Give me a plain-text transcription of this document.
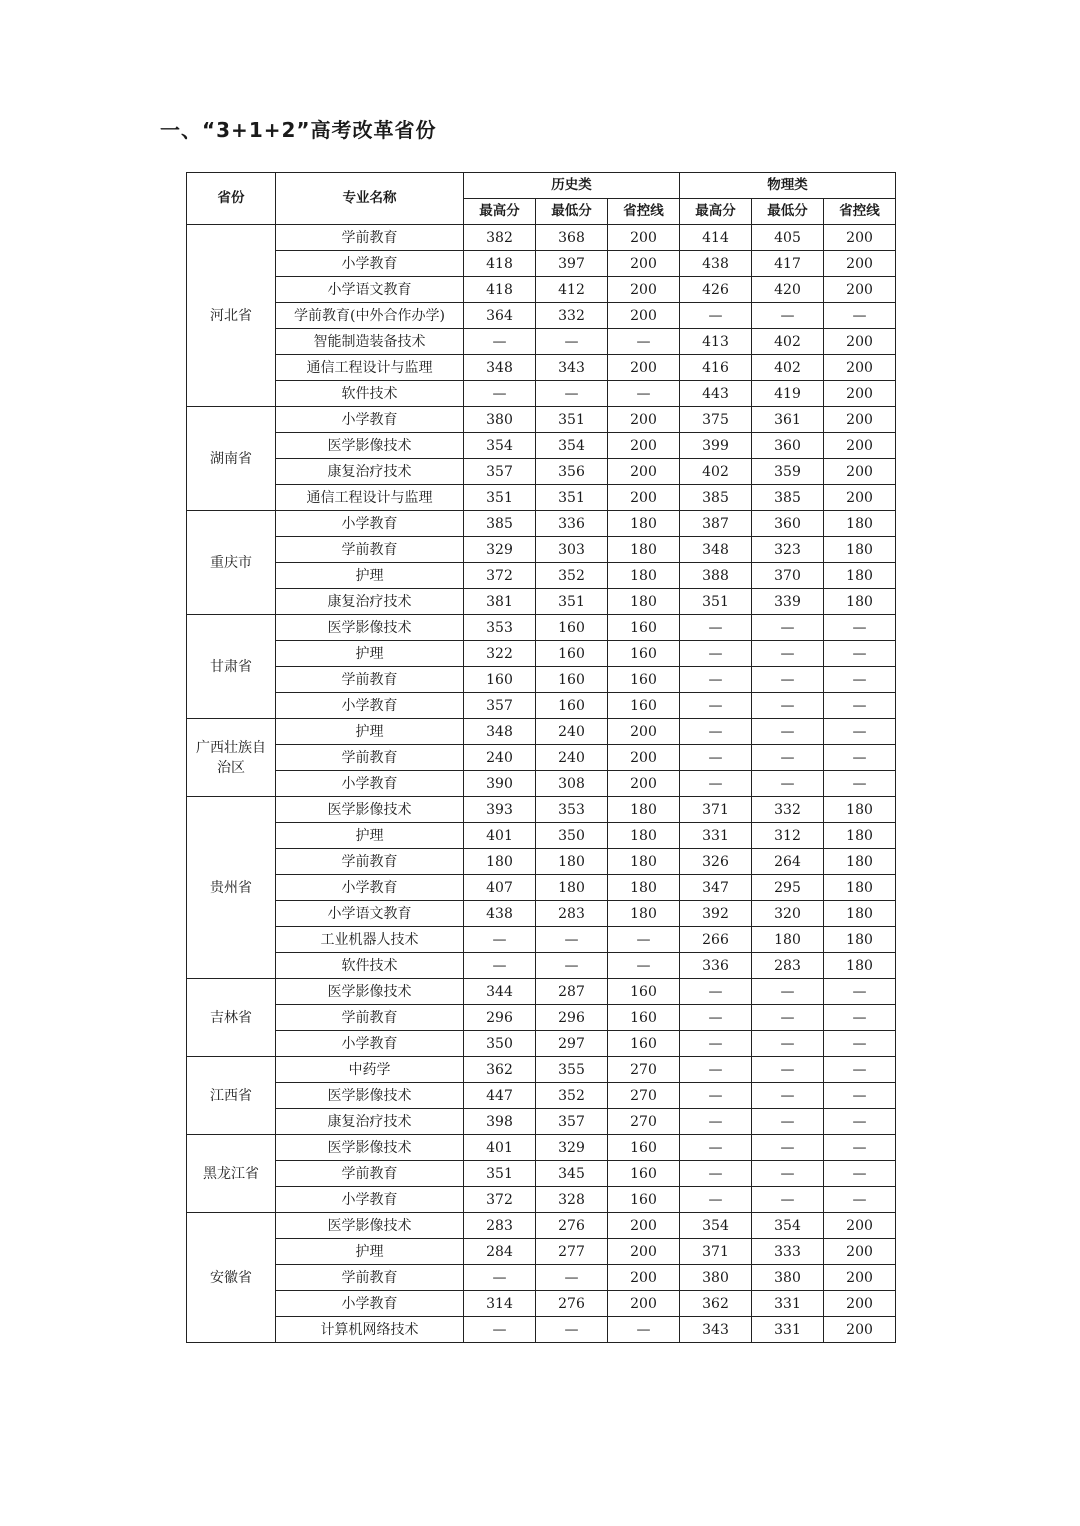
一、“3+1+2”高考改革省份
省份	专业名称	历史类			物理类		
		最高分	最低分	省控线	最高分	最低分	省控线
河北省	学前教育	382	368	200	414	405	200
	小学教育	418	397	200	438	417	200
	小学语文教育	418	412	200	426	420	200
	学前教育(中外合作办学)	364	332	200	—	—	—
	智能制造装备技术	—	—	—	413	402	200
	通信工程设计与监理	348	343	200	416	402	200
	软件技术	—	—	—	443	419	200
湖南省	小学教育	380	351	200	375	361	200
	医学影像技术	354	354	200	399	360	200
	康复治疗技术	357	356	200	402	359	200
	通信工程设计与监理	351	351	200	385	385	200
重庆市	小学教育	385	336	180	387	360	180
	学前教育	329	303	180	348	323	180
	护理	372	352	180	388	370	180
	康复治疗技术	381	351	180	351	339	180
甘肃省	医学影像技术	353	160	160	—	—	—
	护理	322	160	160	—	—	—
	学前教育	160	160	160	—	—	—
	小学教育	357	160	160	—	—	—
广西壮族自治区	护理	348	240	200	—	—	—
	学前教育	240	240	200	—	—	—
	小学教育	390	308	200	—	—	—
贵州省	医学影像技术	393	353	180	371	332	180
	护理	401	350	180	331	312	180
	学前教育	180	180	180	326	264	180
	小学教育	407	180	180	347	295	180
	小学语文教育	438	283	180	392	320	180
	工业机器人技术	—	—	—	266	180	180
	软件技术	—	—	—	336	283	180
吉林省	医学影像技术	344	287	160	—	—	—
	学前教育	296	296	160	—	—	—
	小学教育	350	297	160	—	—	—
江西省	中药学	362	355	270	—	—	—
	医学影像技术	447	352	270	—	—	—
	康复治疗技术	398	357	270	—	—	—
黑龙江省	医学影像技术	401	329	160	—	—	—
	学前教育	351	345	160	—	—	—
	小学教育	372	328	160	—	—	—
安徽省	医学影像技术	283	276	200	354	354	200
	护理	284	277	200	371	333	200
	学前教育	—	—	200	380	380	200
	小学教育	314	276	200	362	331	200
	计算机网络技术	—	—	—	343	331	200
